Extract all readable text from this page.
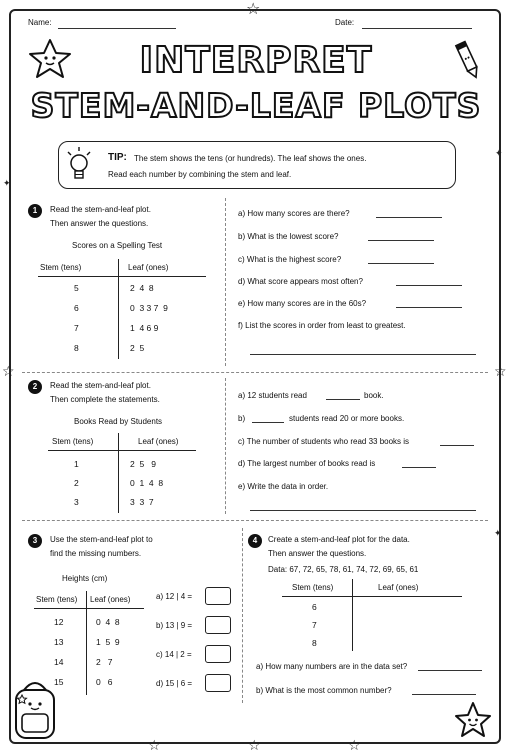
☆
☆	☆
☆	☆	☆
✦
✦
✦
Name:	Date:
INTERPRET
STEM-AND-LEAF PLOTS
TIP: The stem shows the tens (or hundreds). The leaf shows the ones.
Read each number by combining the stem and leaf.
1	Read the stem-and-leaf plot.
Then answer the questions.
Scores on a Spelling Test
Stem (tens)	Leaf (ones)
5	2  4  8
6	0  3 3 7  9
7	1  4 6 9
8	2  5
a) How many scores are there?
b) What is the lowest score?
c) What is the highest score?
d) What score appears most often?
e) How many scores are in the 60s?
f) List the scores in order from least to greatest.
2	Read the stem-and-leaf plot.
Then complete the statements.
Books Read by Students
Stem (tens)	Leaf (ones)
1	2  5   9
2	0  1  4  8
3	3  3  7
a) 12 students read	book.
b)	students read 20 or more books.
c) The number of students who read 33 books is
d) The largest number of books read is
e) Write the data in order.
3	Use the stem-and-leaf plot to
find the missing numbers.
Heights (cm)
Stem (tens) Leaf (ones)
12	0  4  8
13	1  5  9
14	2   7
15	0   6
a) 12 | 4 =
b) 13 | 9 =
c) 14 | 2 =
d) 15 | 6 =
4	Create a stem-and-leaf plot for the data.
Then answer the questions.
Data: 67, 72, 65, 78, 61, 74, 72, 69, 65, 61
Stem (tens)	Leaf (ones)
6
7
8
a) How many numbers are in the data set?
b) What is the most common number?
